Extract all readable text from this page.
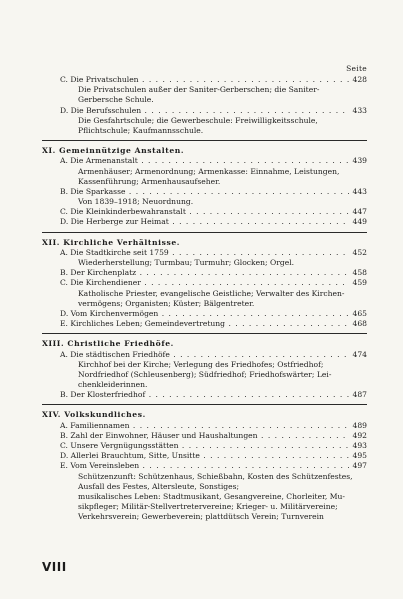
Seite
C. Die Privatschulen . . .	428
Die Privatschulen außer der Saniter-Gerberschen; die Saniter-
Gerbersche Schule.
D. Die Berufsschulen . . .	433
Die Gesfahrtschule; die Gewerbeschule: Freiwilligkeitsschule,
Pflichtschule; Kaufmannsschule.
XI. Gemeinnützige Anstalten.
A. Die Armenanstalt . . .	439
Armenhäuser; Armenordnung; Armenkasse: Einnahme, Leistungen,
Kassenführung; Armenhausaufseher.
B. Die Sparkasse . . .	443
Von 1839–1918; Neuordnung.
C. Die Kleinkinderbewahranstalt . . .	447
D. Die Herberge zur Heimat . . .	449
XII. Kirchliche Verhältnisse.
A. Die Stadtkirche seit 1759 . . .	452
Wiederherstellung; Turmbau; Turmuhr; Glocken; Orgel.
B. Der Kirchenplatz . . .	458
C. Die Kirchendiener . . .	459
Katholische Priester, evangelische Geistliche; Verwalter des Kirchen-
vermögens; Organisten; Küster; Bälgentreter.
D. Vom Kirchenvermögen . . .	465
E. Kirchliches Leben; Gemeindevertretung . . .	468
XIII. Christliche Friedhöfe.
A. Die städtischen Friedhöfe . . .	474
Kirchhof bei der Kirche; Verlegung des Friedhofes; Ostfriedhof;
Nordfriedhof (Schleusenberg); Südfriedhof; Friedhofswärter; Lei-
chenkleiderinnen.
B. Der Klosterfriedhof . . .	487
XIV. Volkskundliches.
A. Familiennamen . . .	489
B. Zahl der Einwohner, Häuser und Haushaltungen . . .	492
C. Unsere Vergnügungsstätten . . .	493
D. Allerlei Brauchtum, Sitte, Unsitte . . .	495
E. Vom Vereinsleben . . .	497
Schützenzunft: Schützenhaus, Schießbahn, Kosten des Schützenfestes,
Ausfall des Festes, Altersleute, Sonstiges;
musikalisches Leben: Stadtmusikant, Gesangvereine, Chorleiter, Mu-
sikpfleger; Militär-Stellvertretervereine; Krieger- u. Militärvereine;
Verkehrsverein; Gewerbeverein; plattdütsch Verein; Turnverein
VIII
